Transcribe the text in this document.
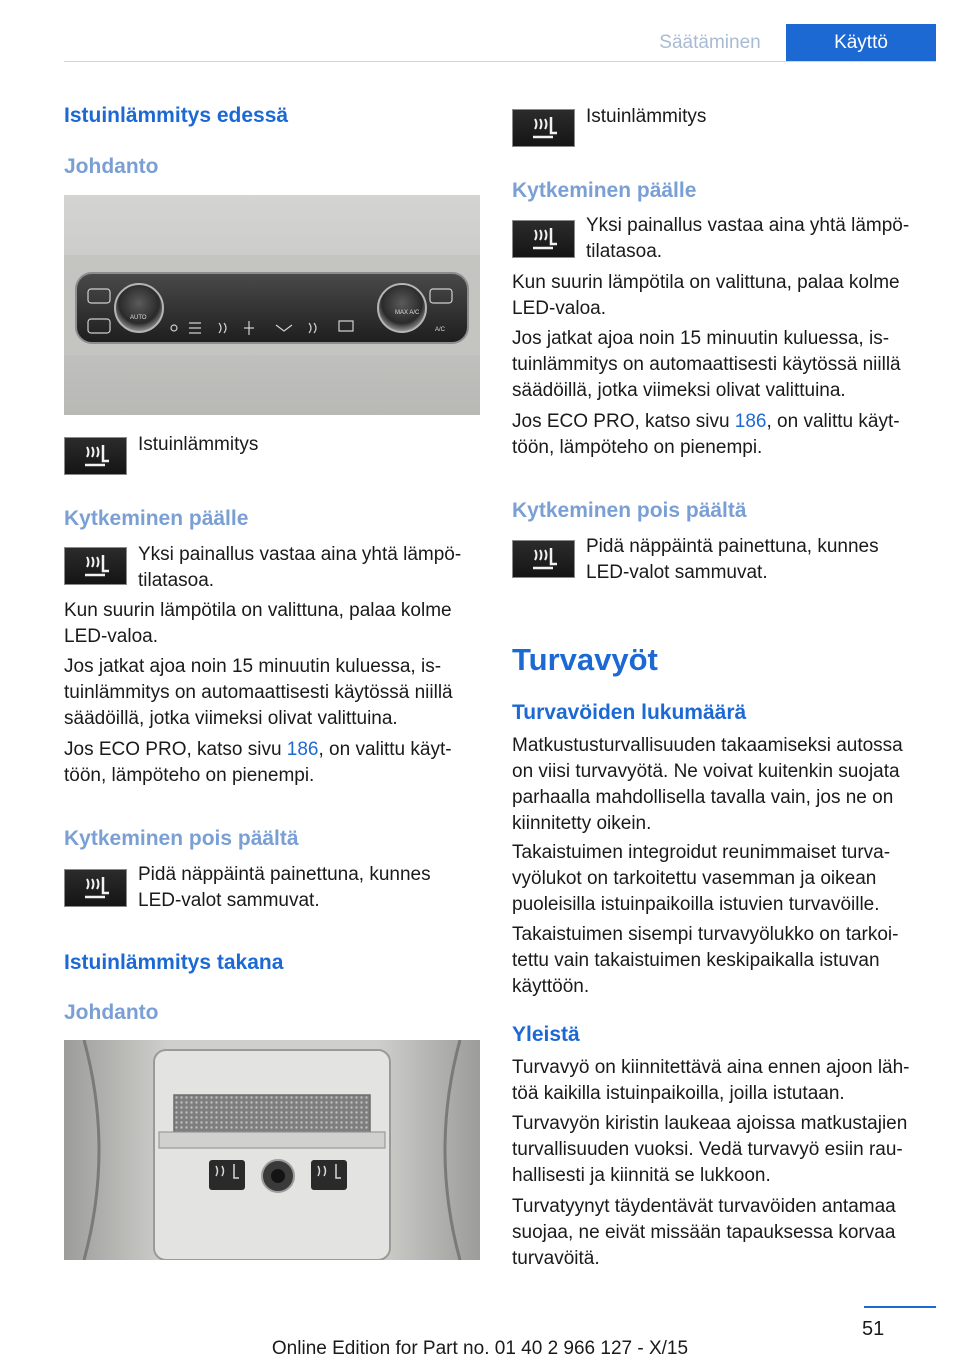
Säätäminen	Käyttö
Istuinlämmitys edessä
Johdanto
AUTO
MAX A/C
A/C

Istuinlämmitys

Kytkeminen päälle

Yksi painallus vastaa aina yhtä lämpö-
tilatasoa.

Kun suurin lämpötila on valittuna, palaa kolme LED-valoa.

Jos jatkat ajoa noin 15 minuutin kuluessa, is-tuinlämmitys on automaattisesti käytössä niillä säädöillä, jotka viimeksi olivat valittuina.

Jos ECO PRO, katso sivu 186, on valittu käyt-töön, lämpöteho on pienempi.

Kytkeminen pois päältä

Pidä näppäintä painettuna, kunnes
LED-valot sammuvat.

Istuinlämmitys takana
Johdanto

Istuinlämmitys

Kytkeminen päälle

Yksi painallus vastaa aina yhtä lämpö-
tilatasoa.

Kun suurin lämpötila on valittuna, palaa kolme LED-valoa.

Jos jatkat ajoa noin 15 minuutin kuluessa, is-tuinlämmitys on automaattisesti käytössä niillä säädöillä, jotka viimeksi olivat valittuina.

Jos ECO PRO, katso sivu 186, on valittu käyt-töön, lämpöteho on pienempi.

Kytkeminen pois päältä

Pidä näppäintä painettuna, kunnes
LED-valot sammuvat.

Turvavyöt
Turvavöiden lukumäärä

Matkustusturvallisuuden takaamiseksi autossa on viisi turvavyötä. Ne voivat kuitenkin suojata parhaalla mahdollisella tavalla vain, jos ne on kiinnitetty oikein.

Takaistuimen integroidut reunimmaiset turva-vyölukot on tarkoitettu vasemman ja oikean puoleisilla istuinpaikoilla istuvien turvavöille.

Takaistuimen sisempi turvavyölukko on tarkoi-tettu vain takaistuimen keskipaikalla istuvan käyttöön.

Yleistä

Turvavyö on kiinnitettävä aina ennen ajoon läh-töä kaikilla istuinpaikoilla, joilla istutaan.

Turvavyön kiristin laukeaa ajoissa matkustajien turvallisuuden vuoksi. Vedä turvavyö esiin rau-hallisesti ja kiinnitä se lukkoon.

Turvatyynyt täydentävät turvavöiden antamaa suojaa, ne eivät missään tapauksessa korvaa turvavöitä.

51
Online Edition for Part no. 01 40 2 966 127 - X/15
